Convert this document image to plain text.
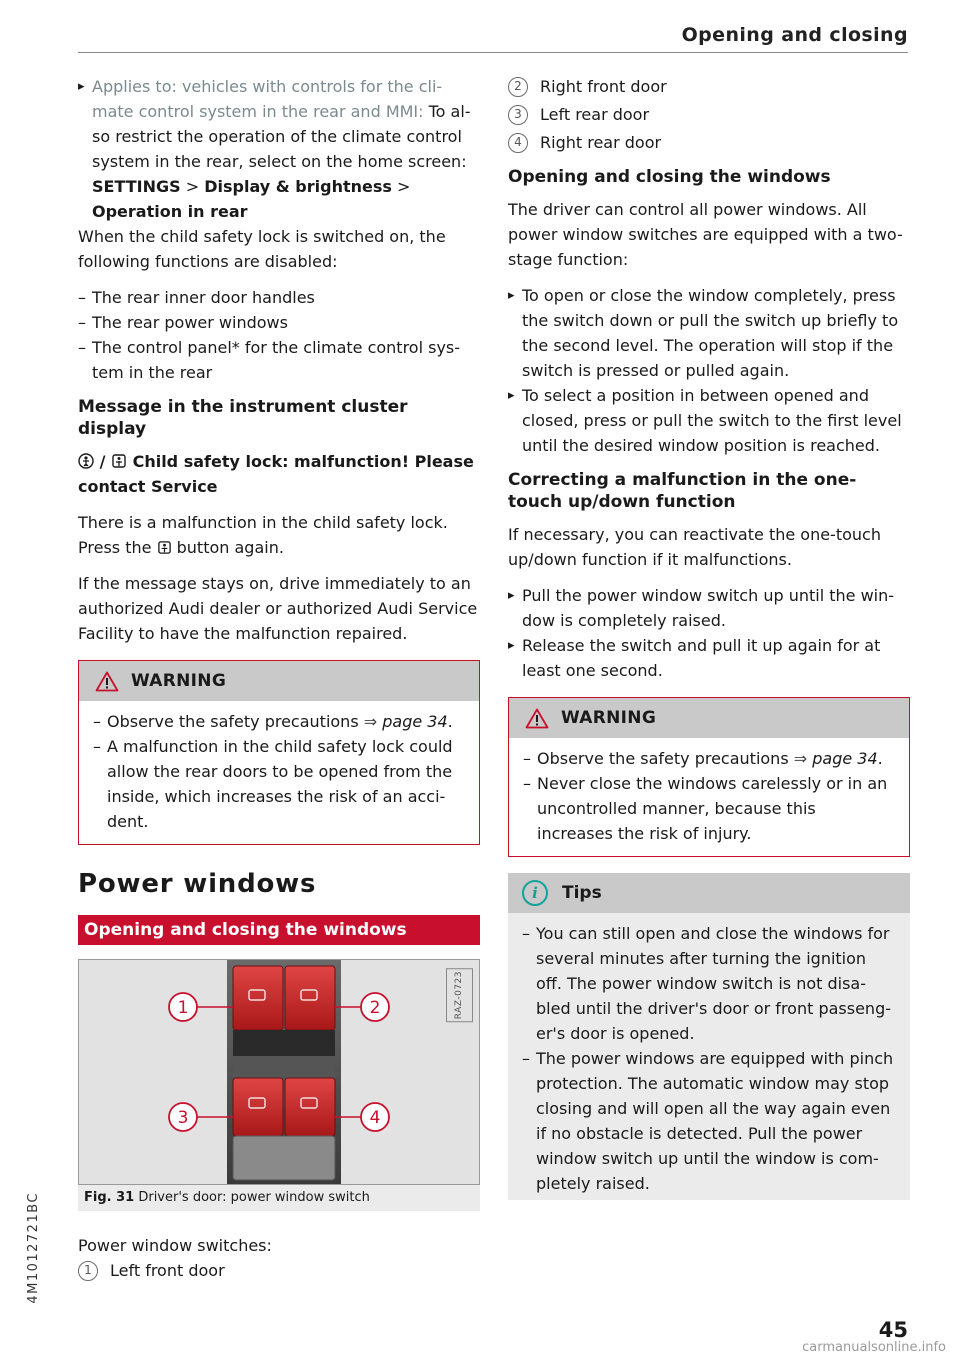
Opening and closing

▸ Applies to: vehicles with controls for the cli-mate control system in the rear and MMI: To al-so restrict the operation of the climate control system in the rear, select on the home screen: SETTINGS > Display & brightness > Operation in rear

When the child safety lock is switched on, the following functions are disabled:

– The rear inner door handles
– The rear power windows
– The control panel* for the climate control sys-tem in the rear
Message in the instrument cluster display
/ Child safety lock: malfunction! Please contact Service

There is a malfunction in the child safety lock. Press the  button again.

If the message stays on, drive immediately to an authorized Audi dealer or authorized Audi Service Facility to have the malfunction repaired.

WARNING
– Observe the safety precautions ⇒ page 34.
– A malfunction in the child safety lock could allow the rear doors to be opened from the inside, which increases the risk of an acci-dent.
Power windows
Opening and closing the windows
1	2
3	4
RAZ-0723
Fig. 31 Driver's door: power window switch
Power window switches:
1	Left front door
2	Right front door
3	Left rear door
4	Right rear door
Opening and closing the windows

The driver can control all power windows. All power window switches are equipped with a two-stage function:

▸ To open or close the window completely, press the switch down or pull the switch up briefly to the second level. The operation will stop if the switch is pressed or pulled again.
▸ To select a position in between opened and closed, press or pull the switch to the first level until the desired window position is reached.
Correcting a malfunction in the one-touch up/down function

If necessary, you can reactivate the one-touch up/down function if it malfunctions.

▸ Pull the power window switch up until the win-dow is completely raised.
▸ Release the switch and pull it up again for at least one second.
WARNING
– Observe the safety precautions ⇒ page 34.
– Never close the windows carelessly or in an uncontrolled manner, because this increases the risk of injury.
i	Tips
– You can still open and close the windows for several minutes after turning the ignition off. The power window switch is not disa-bled until the driver's door or front passeng-er's door is opened.
– The power windows are equipped with pinch protection. The automatic window may stop closing and will open all the way again even if no obstacle is detected. Pull the power window switch up until the window is com-pletely raised.
4M1012721BC
45
carmanualsonline.info
